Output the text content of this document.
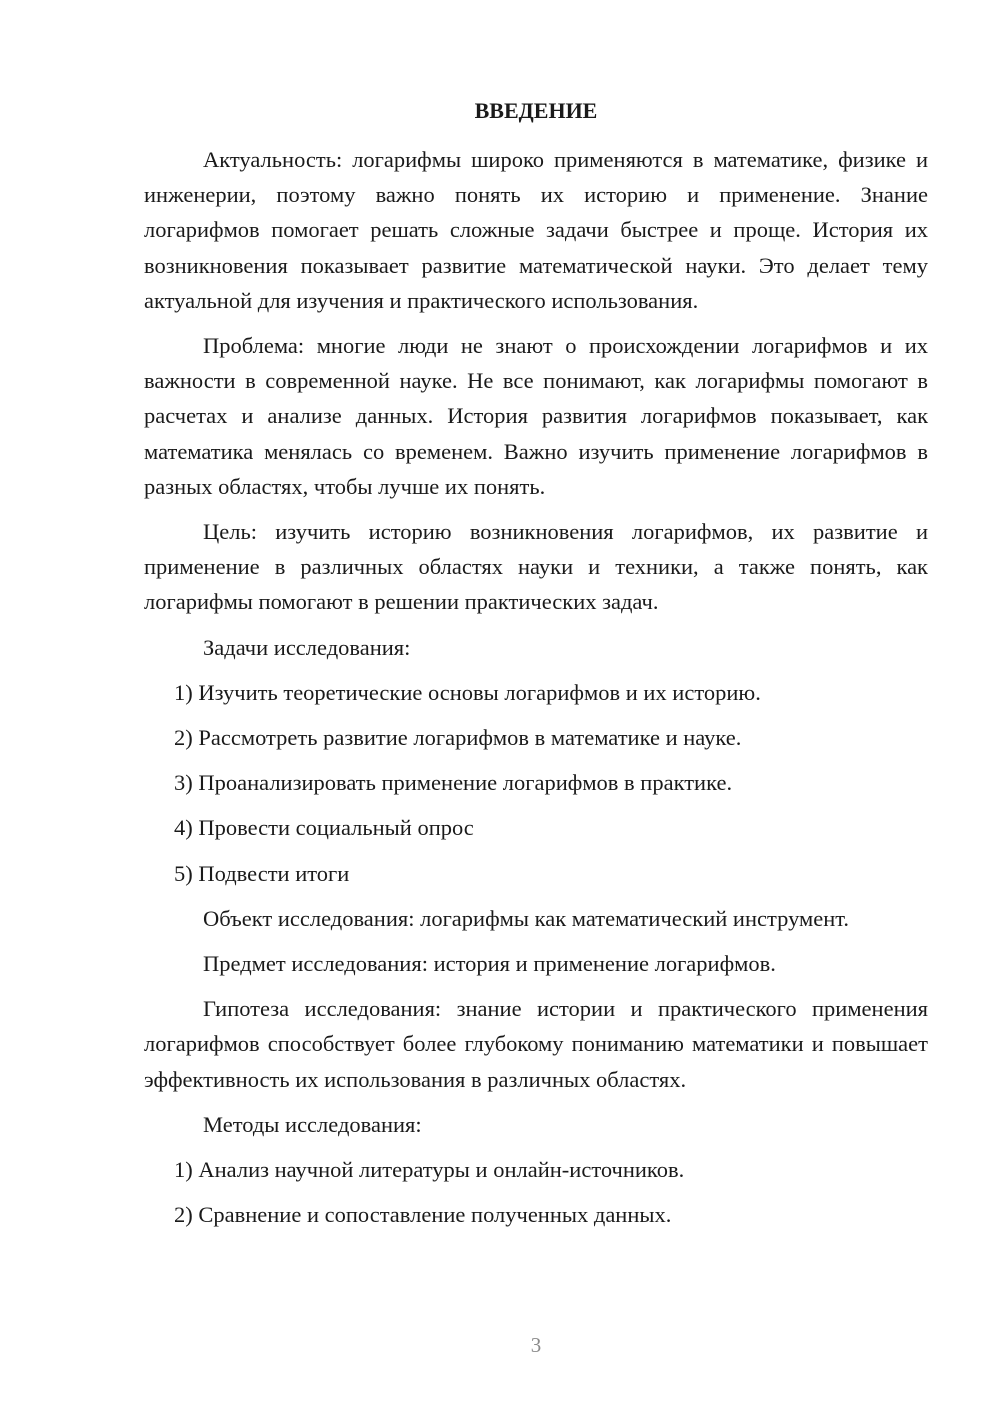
ВВЕДЕНИЕ

Актуальность: логарифмы широко применяются в математике, физике и инженерии, поэтому важно понять их историю и применение. Знание логарифмов помогает решать сложные задачи быстрее и проще. История их возникновения показывает развитие математической науки. Это делает тему актуальной для изучения и практического использования.

Проблема: многие люди не знают о происхождении логарифмов и их важности в современной науке. Не все понимают, как логарифмы помогают в расчетах и анализе данных. История развития логарифмов показывает, как математика менялась со временем. Важно изучить применение логарифмов в разных областях, чтобы лучше их понять.

Цель: изучить историю возникновения логарифмов, их развитие и применение в различных областях науки и техники, а также понять, как логарифмы помогают в решении практических задач.

Задачи исследования:

1) Изучить теоретические основы логарифмов и их историю.

2) Рассмотреть развитие логарифмов в математике и науке.

3) Проанализировать применение логарифмов в практике.

4) Провести социальный опрос

5) Подвести итоги

Объект исследования: логарифмы как математический инструмент.

Предмет исследования: история и применение логарифмов.

Гипотеза исследования: знание истории и практического применения логарифмов способствует более глубокому пониманию математики и повышает эффективность их использования в различных областях.

Методы исследования:

1) Анализ научной литературы и онлайн-источников.

2) Сравнение и сопоставление полученных данных.

3
